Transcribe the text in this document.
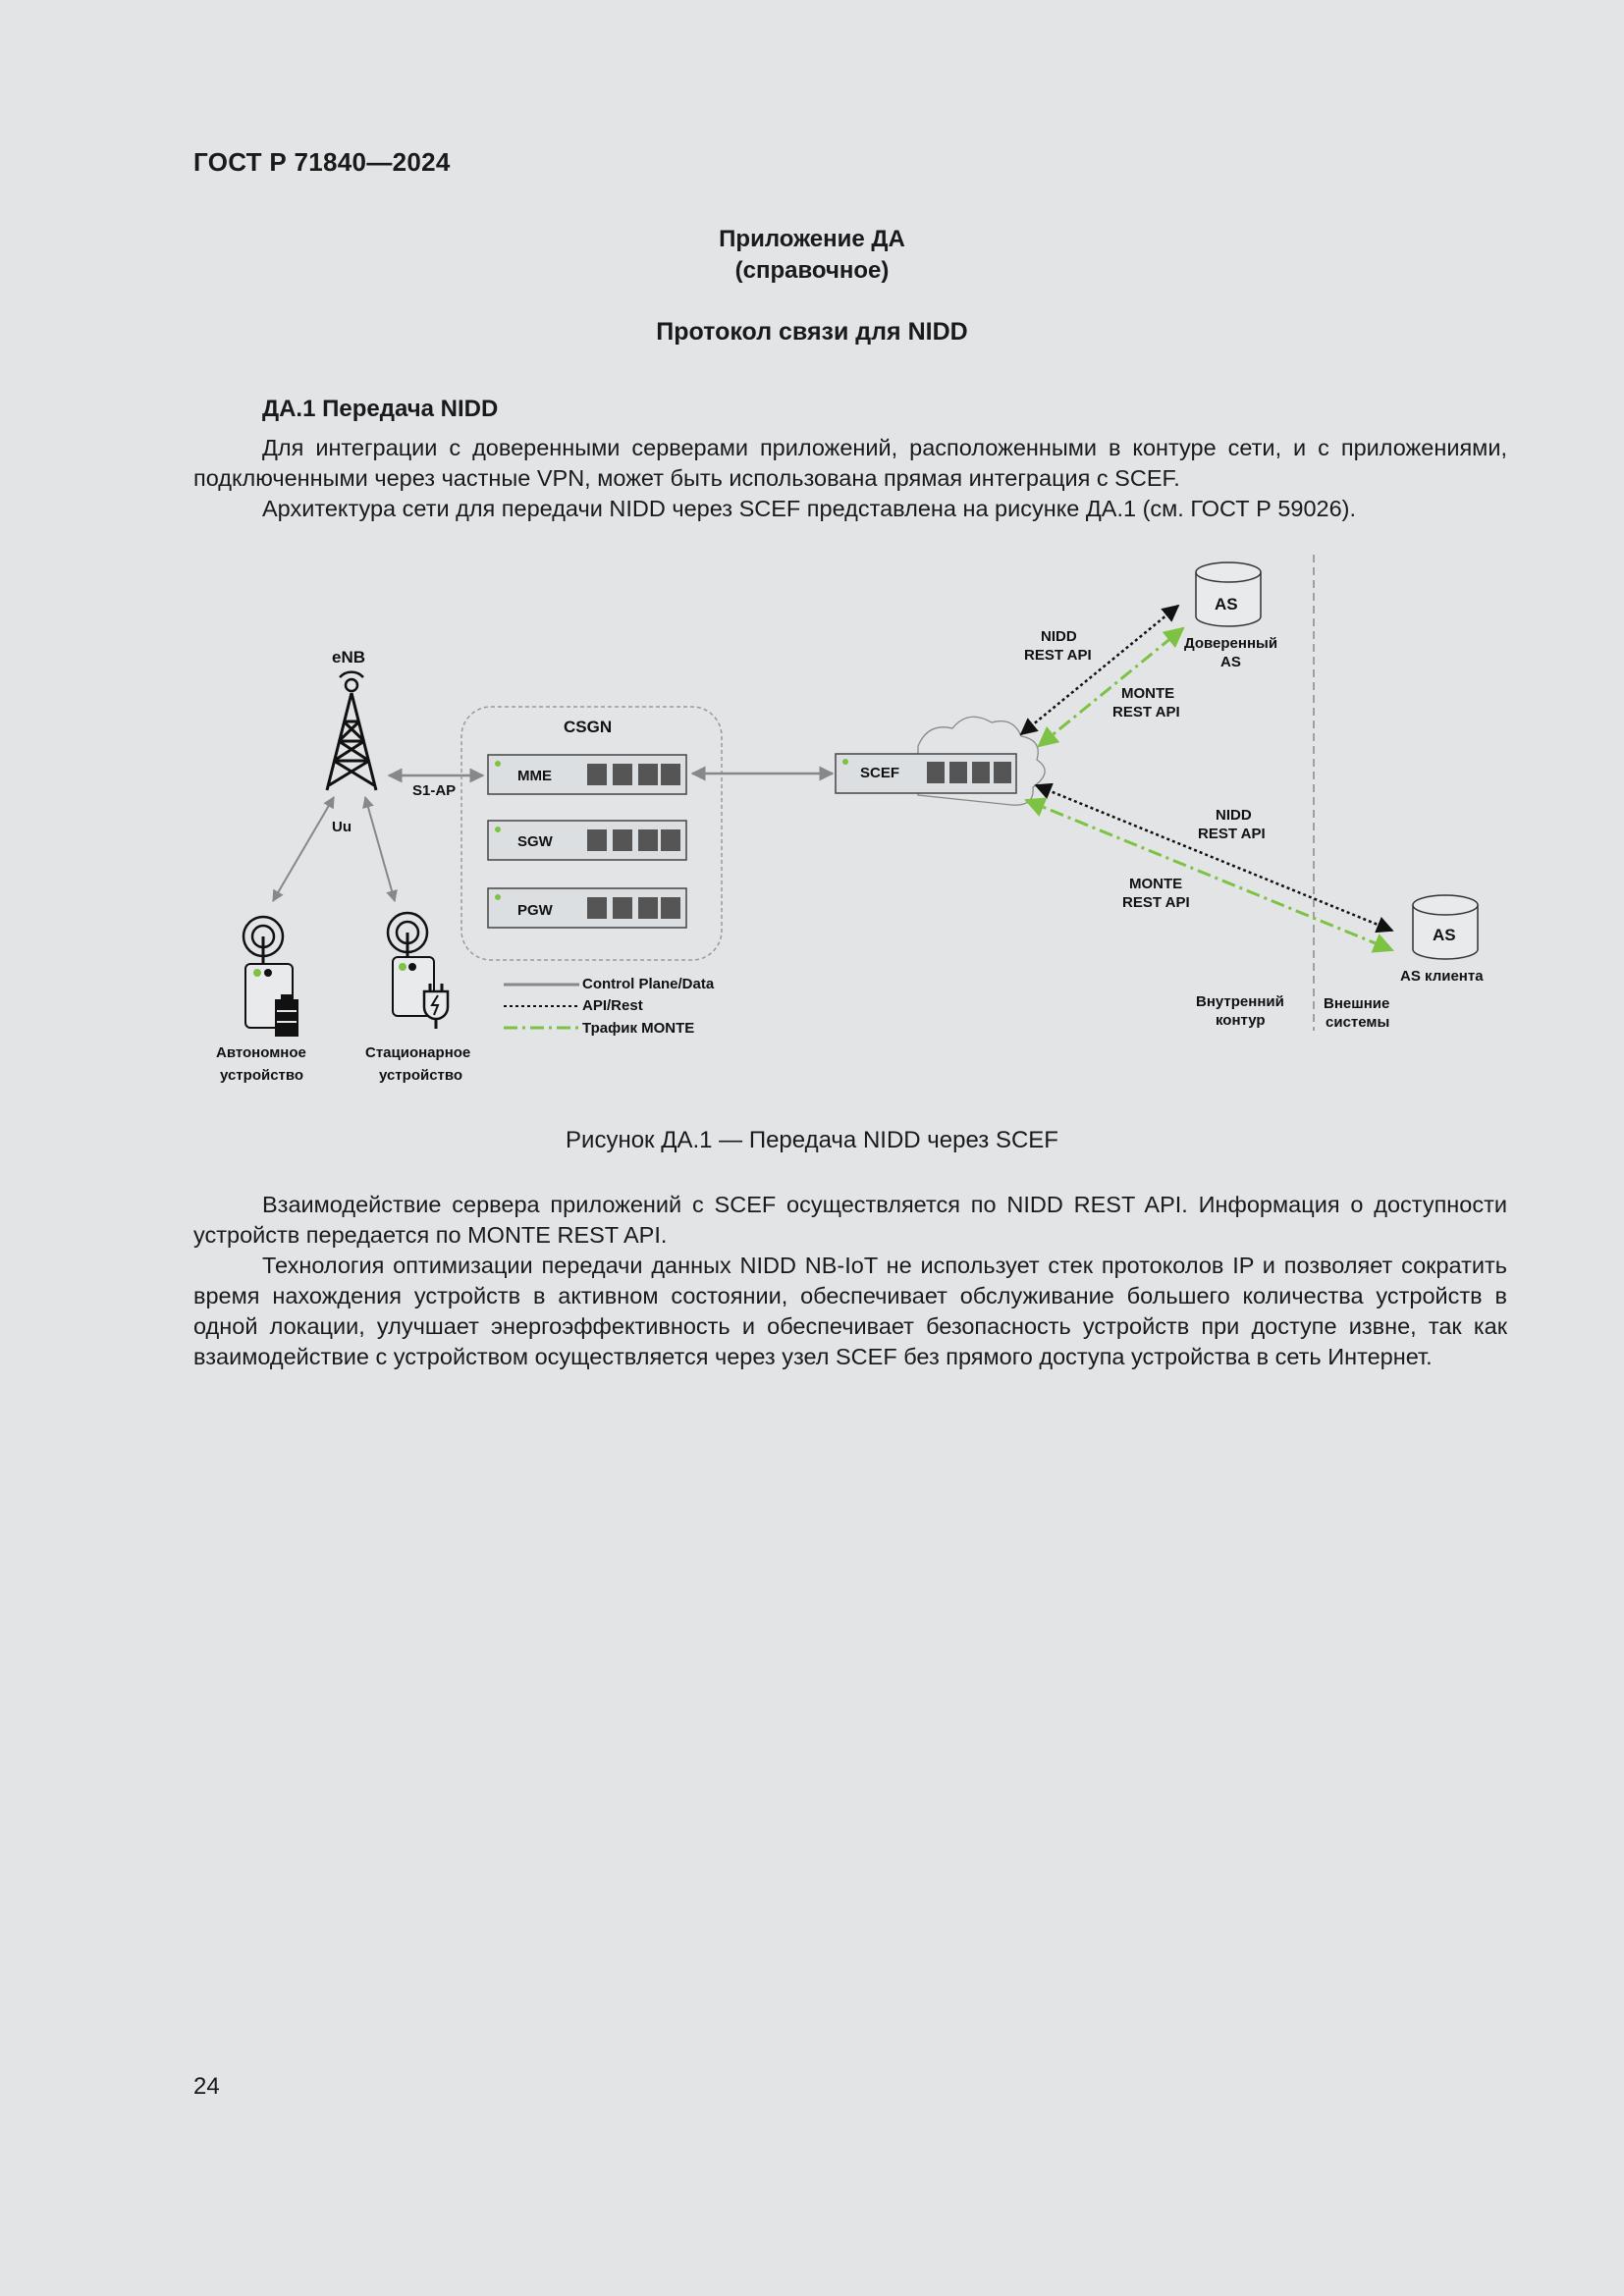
ГОСТ Р 71840—2024
Приложение ДА
(справочное)
Протокол связи для NIDD
ДА.1 Передача NIDD

Для интеграции с доверенными серверами приложений, расположенными в контуре сети, и с приложениями, подключенными через частные VPN, может быть использована прямая интеграция с SCEF.

Архитектура сети для передачи NIDD через SCEF представлена на рисунке ДА.1 (см. ГОСТ Р 59026).

eNB
Uu
S1-AP
CSGN
MME
SGW
PGW
SCEF
AS
Доверенный
AS
AS
AS клиента
NIDD
REST API
MONTE
REST API
NIDD
REST API
MONTE
REST API
Внутренний
контур
Внешние
системы
Автономное
устройство
Стационарное
устройство
Control Plane/Data
API/Rest
Трафик MONTE
Рисунок ДА.1 — Передача NIDD через SCEF

Взаимодействие сервера приложений с SCEF осуществляется по NIDD REST API. Информация о доступности устройств передается по MONTE REST API.

Технология оптимизации передачи данных NIDD NB-IoT не использует стек протоколов IP и позволяет сократить время нахождения устройств в активном состоянии, обеспечивает обслуживание большего количества устройств в одной локации, улучшает энергоэффективность и обеспечивает безопасность устройств при доступе извне, так как взаимодействие с устройством осуществляется через узел SCEF без прямого доступа устройства в сеть Интернет.

24
